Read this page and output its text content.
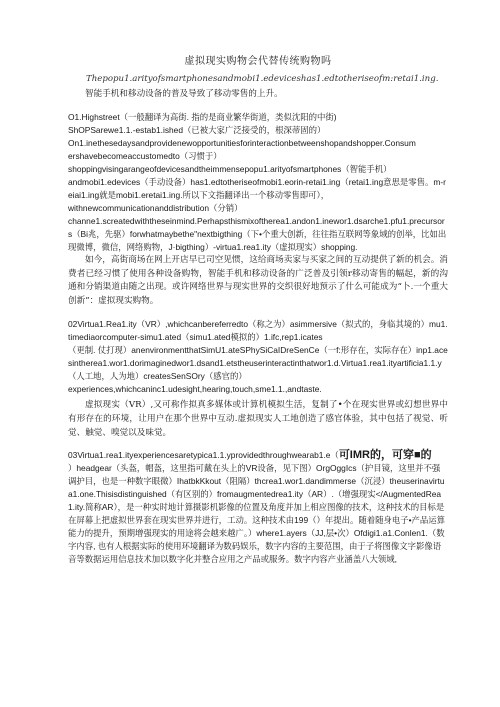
虚拟现实购物会代替传统购物吗

Thepopu1.arityofsmartphonesandmobi1.edeviceshas1.edtotheriseofm:retai1.ing.

智能手机和移动设备的普及导致了移动零售的上升。

O1.Highstreet（一般翻译为高街. 指的是商业繁华街道，类似沈阳的中街)

ShOPSarewe1.1.-estab1.ished（已被大家广泛接受的，根深蒂固的）

On1.inethesedaysandprovidenewopportunitiesforinteractionbetweenshopandshopper.Consum

ershavebecomeaccustomedto（习惯于）

shoppingvisingarangeofdevicesandtheimmensepopu1.arityofsmartphones（智能手机）

andmobi1.edevices（手动设备）has1.edtotheriseofmobi1.eorin-retai1.ing（retai1.ing意思是零售。m-reiai1.ing就是mobi1.eretai1.ing.所以下文指翻译出一个移动零售即可），

withnewcommunicationanddistribution（分销）

channe1.screatedwiththeseinmind.Perhapsthismixoftherea1.andon1.inewor1.dsarche1.pfu1.precursors（Bi兆，先驱）forwhatmaybethe"nextbigthing（下•个重大创新，往往指互联网等象域的创举，比如出现微博，微信，网络购物，J·bigthing）-virtua1.rea1.ity（虚拟现实）shopping.

如今，高街商场在网上开店早已司空见惯，这给商场卖家与买家之间的互动提供了新的机会。消费者已经习惯了使用各种设备购物，智能手机和移动设备的广泛普及引领r移动寄售的幅起，新的沟通和分销渠道由随之出现。或许网络世界与现实世界的交织很好地预示了什么可能成为“卜.一个重大创新”：虚拟现实购物。

02Virtua1.Rea1.ity（VR）,whichcanbereferredto（称之为）asimmersive（拟式的，身临其境的）mu1.timediaorcomputer-simu1.ated（simu1.ated模拟的）1.ifc,rep1.icates

（更制. 仗打现）anenvironmentthatSimU1.ateSPhySiCaIDreSenCe（一f:形存在，实际存在）inp1.acesintherea1.wor1.dorimaginedwor1.dsand1.etstheuserinteractinthatwor1.d.Virtua1.rea1.ityartificia1.1.y（人工地，人为地）createsSenSOry（感官的）

experiences,whichcaninc1.udesight,hearing,touch,sme1.1.,andtaste.

虚拟现实（VR）,又可称作拟真多媒体或计算机模拟生活，复制了•个在现实世界或幻想世界中有形存在的环境，让用户在那个世界中互动.虚拟现实人工地创造了感官体验，其中包括了视觉、听觉、触觉、嗅觉以及味觉。

03Virtua1.rea1.ityexperiencesaretypica1.1.yprovidedthroughwearab1.e（可IMR的，可穿■的

）headgear（头盔，帽盔，这里指可戴在头上的VR设备，见下图）OrgOggIcs（护目镜，这里并不强调护目，也是一种数字眼微）IhatbkKkout（阻隔）thcrea1.wor1.dandimmerse（沉浸）theuserinavirtua1.one.Thisisdistinguished（有区别的）fromaugmentedrea1.ity（AR）.（增强现实</AugmentedRea1.ity.简称AR），是一种实时地计算摄影机影像的位置及角度并加上相应图像的技术，这种技术的目标是在屏幕上把虚拟世界套在现实世界并进行，工动。这种技术由199（）年提出。随着随身电子•产品运算能力的提升，预期增强现实的用途将会越来越广。）where1.ayers（JJ,层•次）Ofdigi1.a1.Conlen1.（数字内容, 也有人根据实际的使用环境翻译为数码娱乐，数字内容的主要范围，由于子将图像文字影像语音等数据运用信息技术加以数字化并整合应用之产品或服务。数字内容产业涵盖八大领域,
